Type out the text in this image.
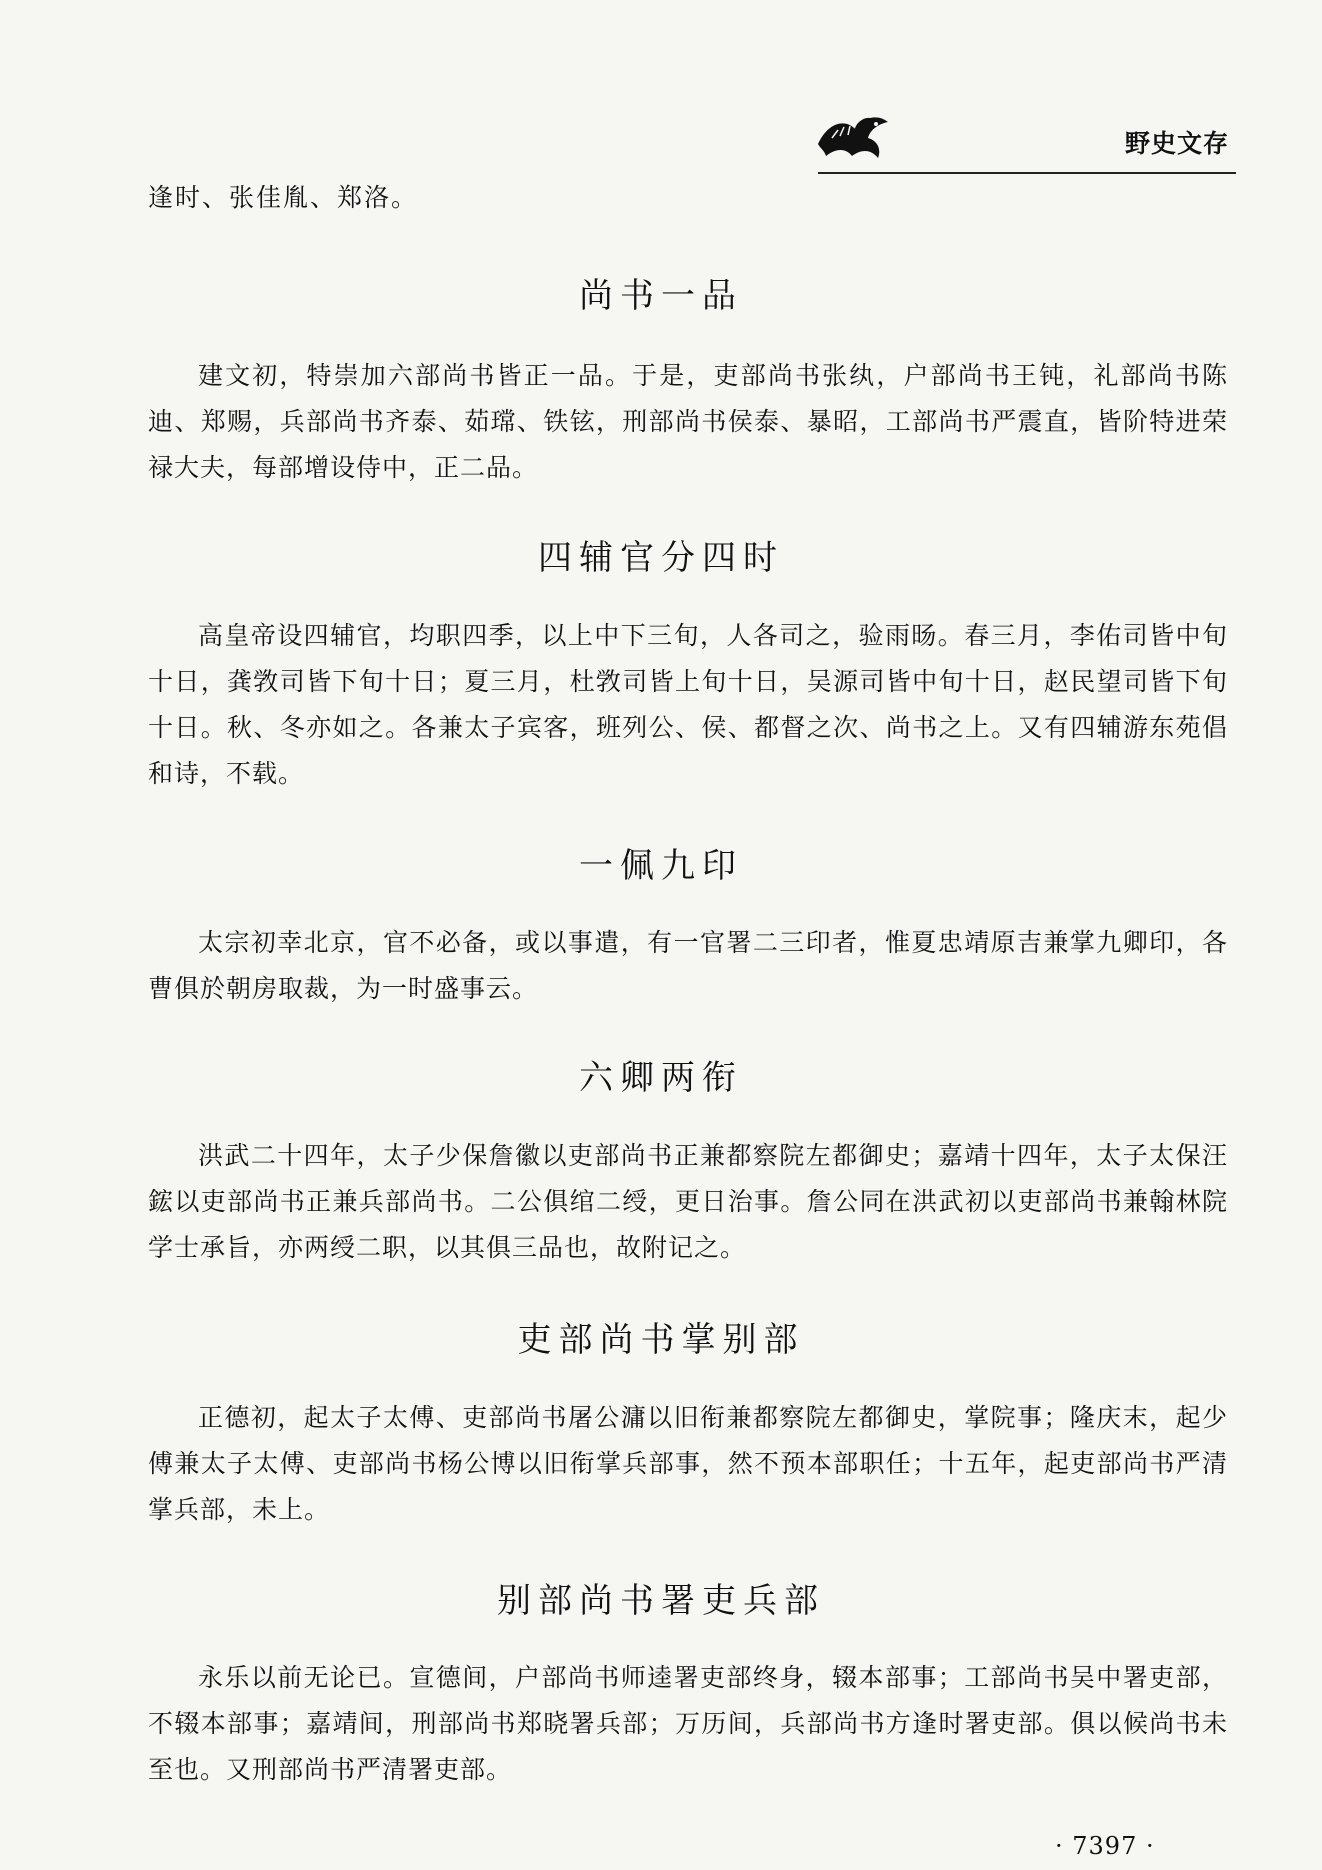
野史文存
逢时、张佳胤、郑洛。
尚书一品

建文初，特崇加六部尚书皆正一品。于是，吏部尚书张纨，户部尚书王钝，礼部尚书陈迪、郑赐，兵部尚书齐泰、茹瑺、铁铉，刑部尚书侯泰、暴昭，工部尚书严震直，皆阶特进荣禄大夫，每部增设侍中，正二品。

四辅官分四时

高皇帝设四辅官，均职四季，以上中下三旬，人各司之，验雨旸。春三月，李佑司皆中旬十日，龚敩司皆下旬十日；夏三月，杜敩司皆上旬十日，吴源司皆中旬十日，赵民望司皆下旬十日。秋、冬亦如之。各兼太子宾客，班列公、侯、都督之次、尚书之上。又有四辅游东苑倡和诗，不载。

一佩九印

太宗初幸北京，官不必备，或以事遣，有一官署二三印者，惟夏忠靖原吉兼掌九卿印，各曹俱於朝房取裁，为一时盛事云。

六卿两衔

洪武二十四年，太子少保詹徽以吏部尚书正兼都察院左都御史；嘉靖十四年，太子太保汪鋐以吏部尚书正兼兵部尚书。二公俱绾二绶，更日治事。詹公同在洪武初以吏部尚书兼翰林院学士承旨，亦两绶二职，以其俱三品也，故附记之。

吏部尚书掌别部

正德初，起太子太傅、吏部尚书屠公滽以旧衔兼都察院左都御史，掌院事；隆庆末，起少傅兼太子太傅、吏部尚书杨公博以旧衔掌兵部事，然不预本部职任；十五年，起吏部尚书严清掌兵部，未上。

别部尚书署吏兵部

永乐以前无论已。宣德间，户部尚书师逵署吏部终身，辍本部事；工部尚书吴中署吏部，不辍本部事；嘉靖间，刑部尚书郑晓署兵部；万历间，兵部尚书方逢时署吏部。俱以候尚书未至也。又刑部尚书严清署吏部。

· 7397 ·
